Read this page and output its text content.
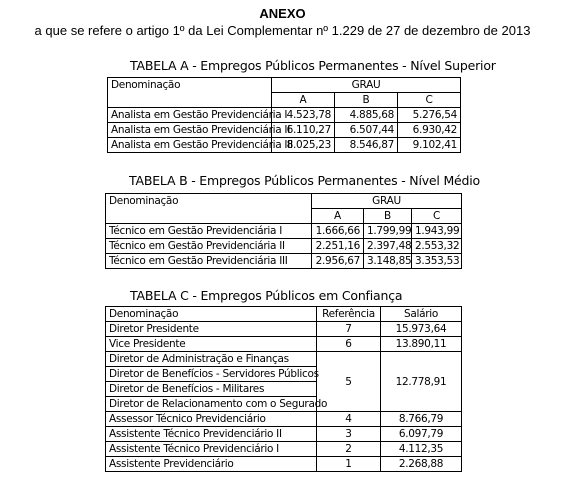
ANEXO
a que se refere o artigo 1º da Lei Complementar nº 1.229 de 27 de dezembro de 2013
TABELA A - Empregos Públicos Permanentes - Nível Superior
Denominação	GRAU		
	A	B	C
Analista em Gestão Previdenciária I	4.523,78	4.885,68	5.276,54
Analista em Gestão Previdenciária II	6.110,27	6.507,44	6.930,42
Analista em Gestão Previdenciária III	8.025,23	8.546,87	9.102,41
TABELA B - Empregos Públicos Permanentes - Nível Médio
Denominação	GRAU		
	A	B	C
Técnico em Gestão Previdenciária I	1.666,66	1.799,99	1.943,99
Técnico em Gestão Previdenciária II	2.251,16	2.397,48	2.553,32
Técnico em Gestão Previdenciária III	2.956,67	3.148,85	3.353,53
TABELA C - Empregos Públicos em Confiança
Denominação	Referência	Salário
Diretor Presidente	7	15.973,64
Vice Presidente	6	13.890,11
Diretor de Administração e Finanças	5	12.778,91
Diretor de Benefícios - Servidores Públicos		
Diretor de Benefícios - Militares		
Diretor de Relacionamento com o Segurado		
Assessor Técnico Previdenciário	4	8.766,79
Assistente Técnico Previdenciário II	3	6.097,79
Assistente Técnico Previdenciário I	2	4.112,35
Assistente Previdenciário	1	2.268,88
